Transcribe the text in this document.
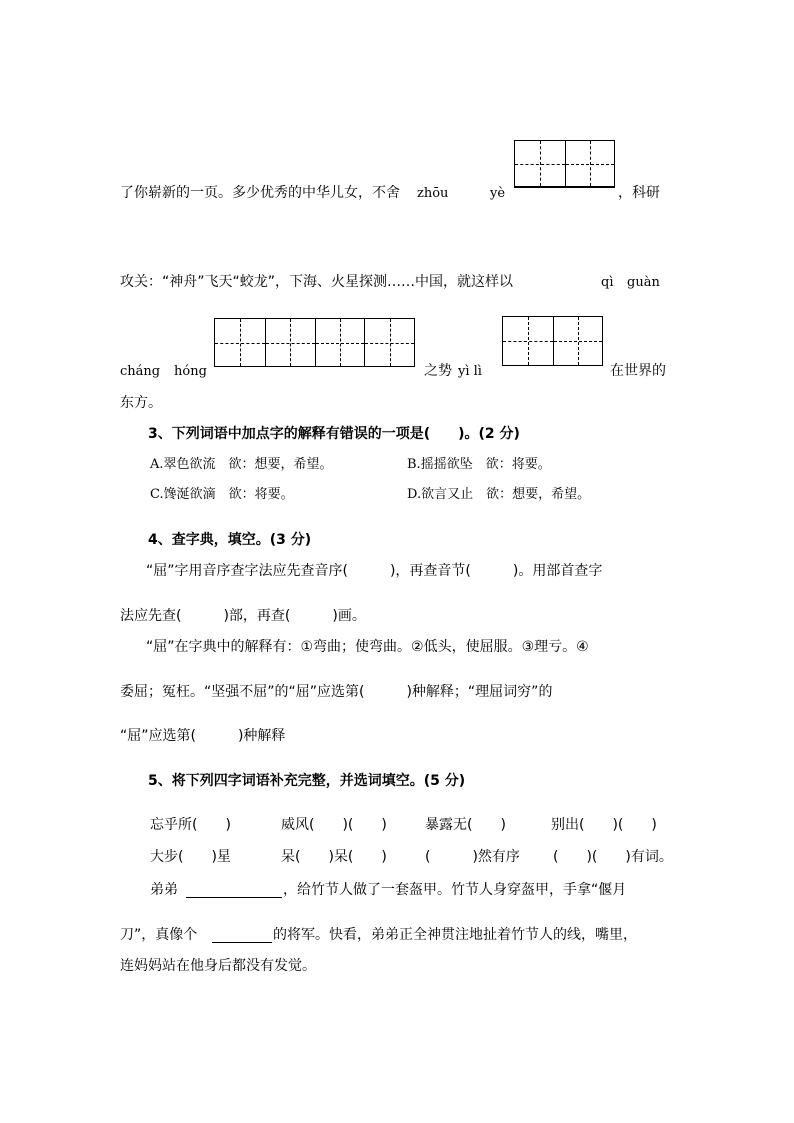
了你崭新的一页。多少优秀的中华儿女，不舍 zhōu	yè	，科研
攻关：“神舟”飞天“蛟龙”，下海、火星探测……中国，就这样以	qì guàn
cháng hóng	之势 yì lì	在世界的
东方。
3、下列词语中加点字的解释有错误的一项是(　　)。(2 分)
A.翠色欲流　欲：想要，希望。	B.摇摇欲坠　欲：将要。
C.馋涎欲滴　欲：将要。	D.欲言又止　欲：想要，希望。
4、查字典，填空。(3 分)
“屈”字用音序查字法应先查音序(　　　)，再查音节(　　　)。用部首查字
法应先查(　　　)部，再查(　　　)画。
“屈”在字典中的解释有：①弯曲；使弯曲。②低头，使屈服。③理亏。④
委屈；冤枉。“坚强不屈”的“屈”应选第(　　　)种解释；“理屈词穷”的
“屈”应选第(　　　)种解释
5、将下列四字词语补充完整，并选词填空。(5 分)
忘乎所(　　)	威风(　　)(　　)	暴露无(　　)	别出(　　)(　　)
大步(　　)星	呆(　　)呆(　　)	(　　　)然有序 (　　)(　　)有词。
弟弟	，给竹节人做了一套盔甲。竹节人身穿盔甲，手拿“偃月
刀”，真像个	的将军。快看，弟弟正全神贯注地扯着竹节人的线，嘴里，
连妈妈站在他身后都没有发觉。
